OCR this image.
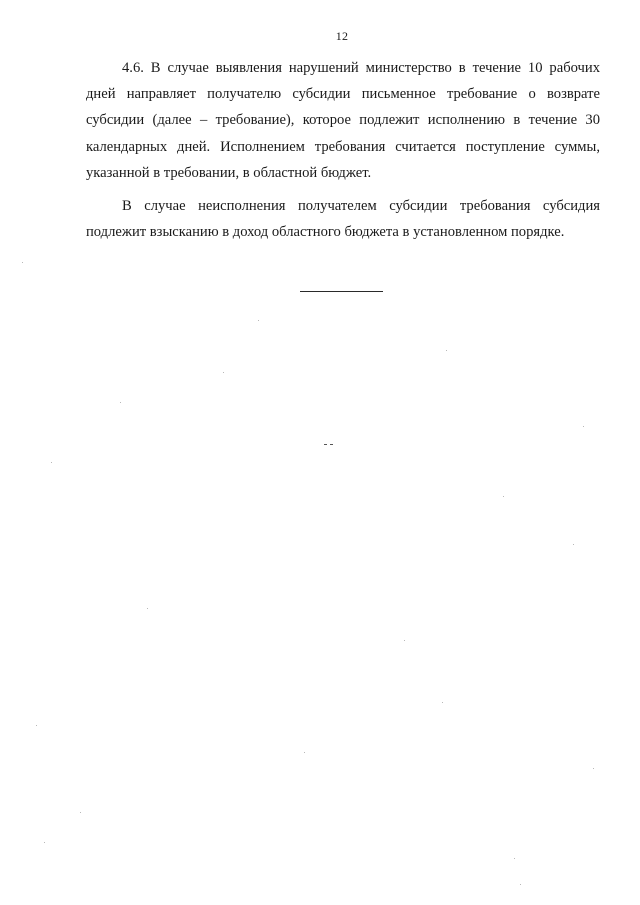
12

4.6. В случае выявления нарушений министерство в течение 10 рабочих дней направляет получателю субсидии письменное требование о возврате субсидии (далее – требование), которое подлежит исполнению в течение 30 календарных дней. Исполнением требования считается поступление суммы, указанной в требовании, в областной бюджет.

В случае неисполнения получателем субсидии требования субсидия подлежит взысканию в доход областного бюджета в установленном порядке.
